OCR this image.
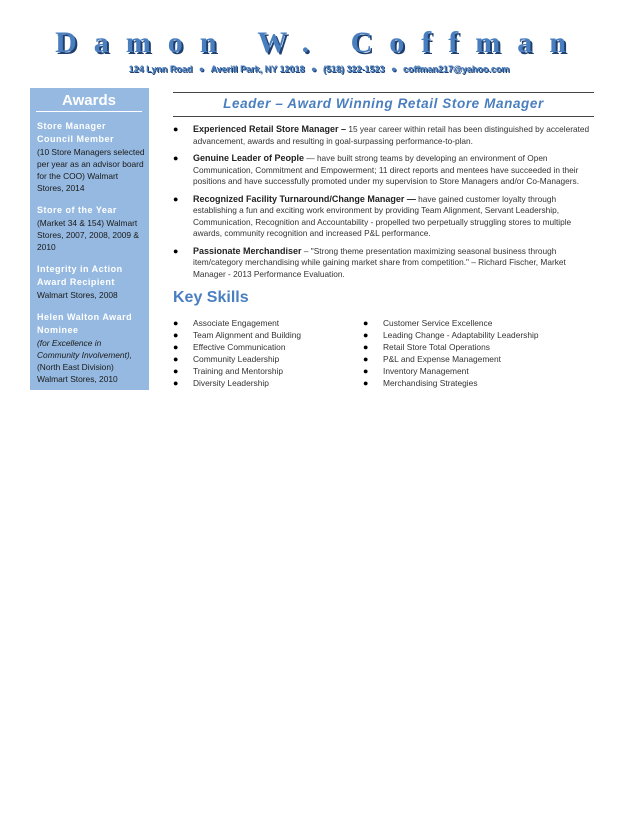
Damon W. Coffman
124 Lynn Road ● Averill Park, NY 12018 ● (518) 322-1523 ● coffman217@yahoo.com
Awards
Store Manager Council Member
(10 Store Managers selected per year as an advisor board for the COO) Walmart Stores, 2014
Store of the Year
(Market 34 & 154) Walmart Stores, 2007, 2008, 2009 & 2010
Integrity in Action Award Recipient
Walmart Stores, 2008
Helen Walton Award Nominee
(for Excellence in Community Involvement), (North East Division) Walmart Stores, 2010
Leader – Award Winning Retail Store Manager
● Experienced Retail Store Manager – 15 year career within retail has been distinguished by accelerated advancement, awards and resulting in goal-surpassing performance-to-plan.
● Genuine Leader of People — have built strong teams by developing an environment of Open Communication, Commitment and Empowerment; 11 direct reports and mentees have succeeded in their positions and have successfully promoted under my supervision to Store Managers and/or Co-Managers.
● Recognized Facility Turnaround/Change Manager — have gained customer loyalty through establishing a fun and exciting work environment by providing Team Alignment, Servant Leadership, Communication, Recognition and Accountability - propelled two perpetually struggling stores to multiple awards, community recognition and increased P&L performance.
● Passionate Merchandiser – "Strong theme presentation maximizing seasonal business through item/category merchandising while gaining market share from competition." – Richard Fischer, Market Manager - 2013 Performance Evaluation.
Key Skills
● Associate Engagement
● Team Alignment and Building
● Effective Communication
● Community Leadership
● Training and Mentorship
● Diversity Leadership
● Customer Service Excellence
● Leading Change - Adaptability Leadership
● Retail Store Total Operations
● P&L and Expense Management
● Inventory Management
● Merchandising Strategies
